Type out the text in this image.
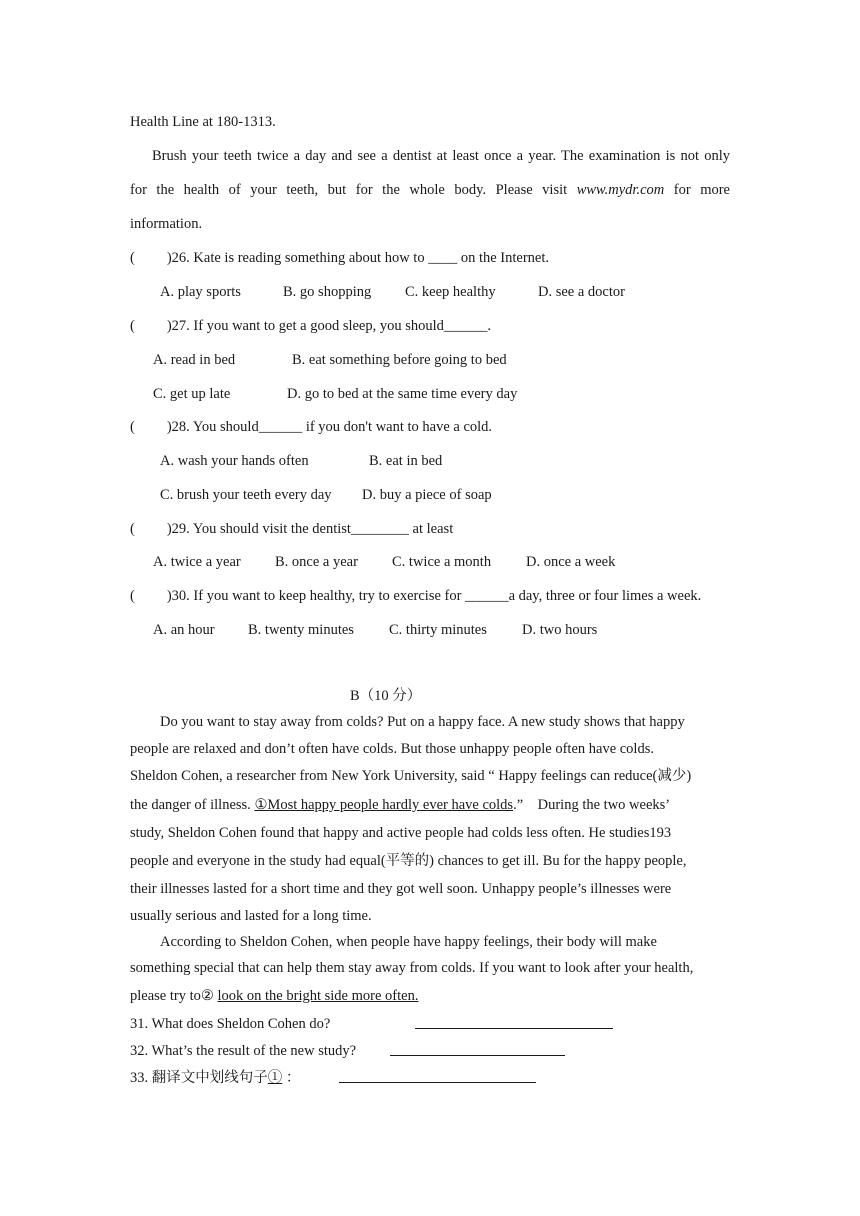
Health Line at 180-1313.
Brush your teeth twice a day and see a dentist at least once a year. The examination is not only
for the health of your teeth, but for the whole body. Please visit www.mydr.com for more
information.
( )26. Kate is reading something about how to ____ on the Internet.
A. play sports	B. go shopping C. keep healthy	D. see a doctor
( )27. If you want to get a good sleep, you should______.
A. read in bed	B. eat something before going to bed
C. get up late	D. go to bed at the same time every day
( )28. You should______ if you don't want to have a cold.
A. wash your hands often	B. eat in bed
C. brush your teeth every day D. buy a piece of soap
( )29. You should visit the dentist________ at least
A. twice a year B. once a year C. twice a month D. once a week
( )30. If you want to keep healthy, try to exercise for ______a day, three or four limes a week.
A. an hour B. twenty minutes C. thirty minutes D. two hours
B（10 分）
Do you want to stay away from colds? Put on a happy face. A new study shows that happy
people are relaxed and don’t often have colds. But those unhappy people often have colds.
Sheldon Cohen, a researcher from New York University, said “ Happy feelings can reduce(减少)
the danger of illness. ①Most happy people hardly ever have colds.”    During the two weeks’
study, Sheldon Cohen found that happy and active people had colds less often. He studies193
people and everyone in the study had equal(平等的) chances to get ill. Bu for the happy people,
their illnesses lasted for a short time and they got well soon. Unhappy people’s illnesses were
usually serious and lasted for a long time.
According to Sheldon Cohen, when people have happy feelings, their body will make
something special that can help them stay away from colds. If you want to look after your health,
please try to② look on the bright side more often.
31. What does Sheldon Cohen do?
32. What’s the result of the new study?
33. 翻译文中划线句子① ：
